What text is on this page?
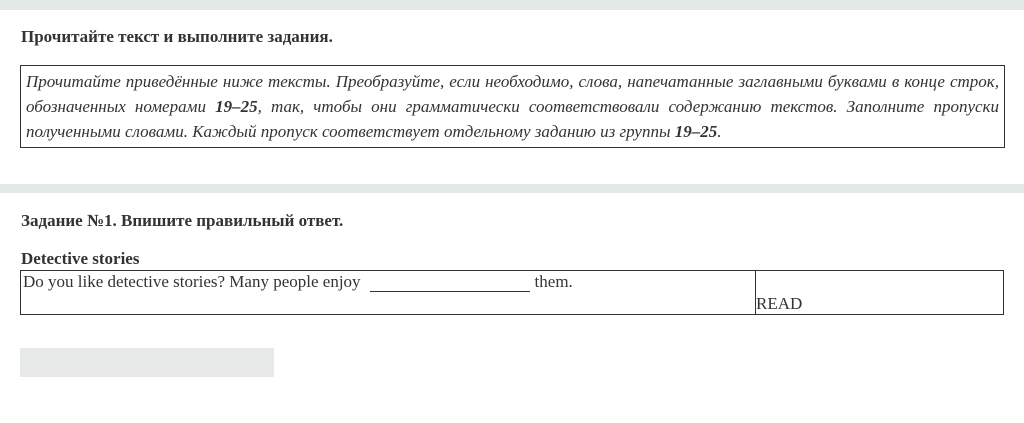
Прочитайте текст и выполните задания.
Прочитайте приведённые ниже тексты. Преобразуйте, если необходимо, слова, напечатанные заглавными буквами в конце строк, обозначенных номерами 19–25, так, чтобы они грамматически соответствовали содержанию текстов. Заполните пропуски полученными словами. Каждый пропуск соответствует отдельному заданию из группы 19–25.
Задание №1. Впишите правильный ответ.
Detective stories
Do you like detective stories? Many people enjoy	them.	READ
